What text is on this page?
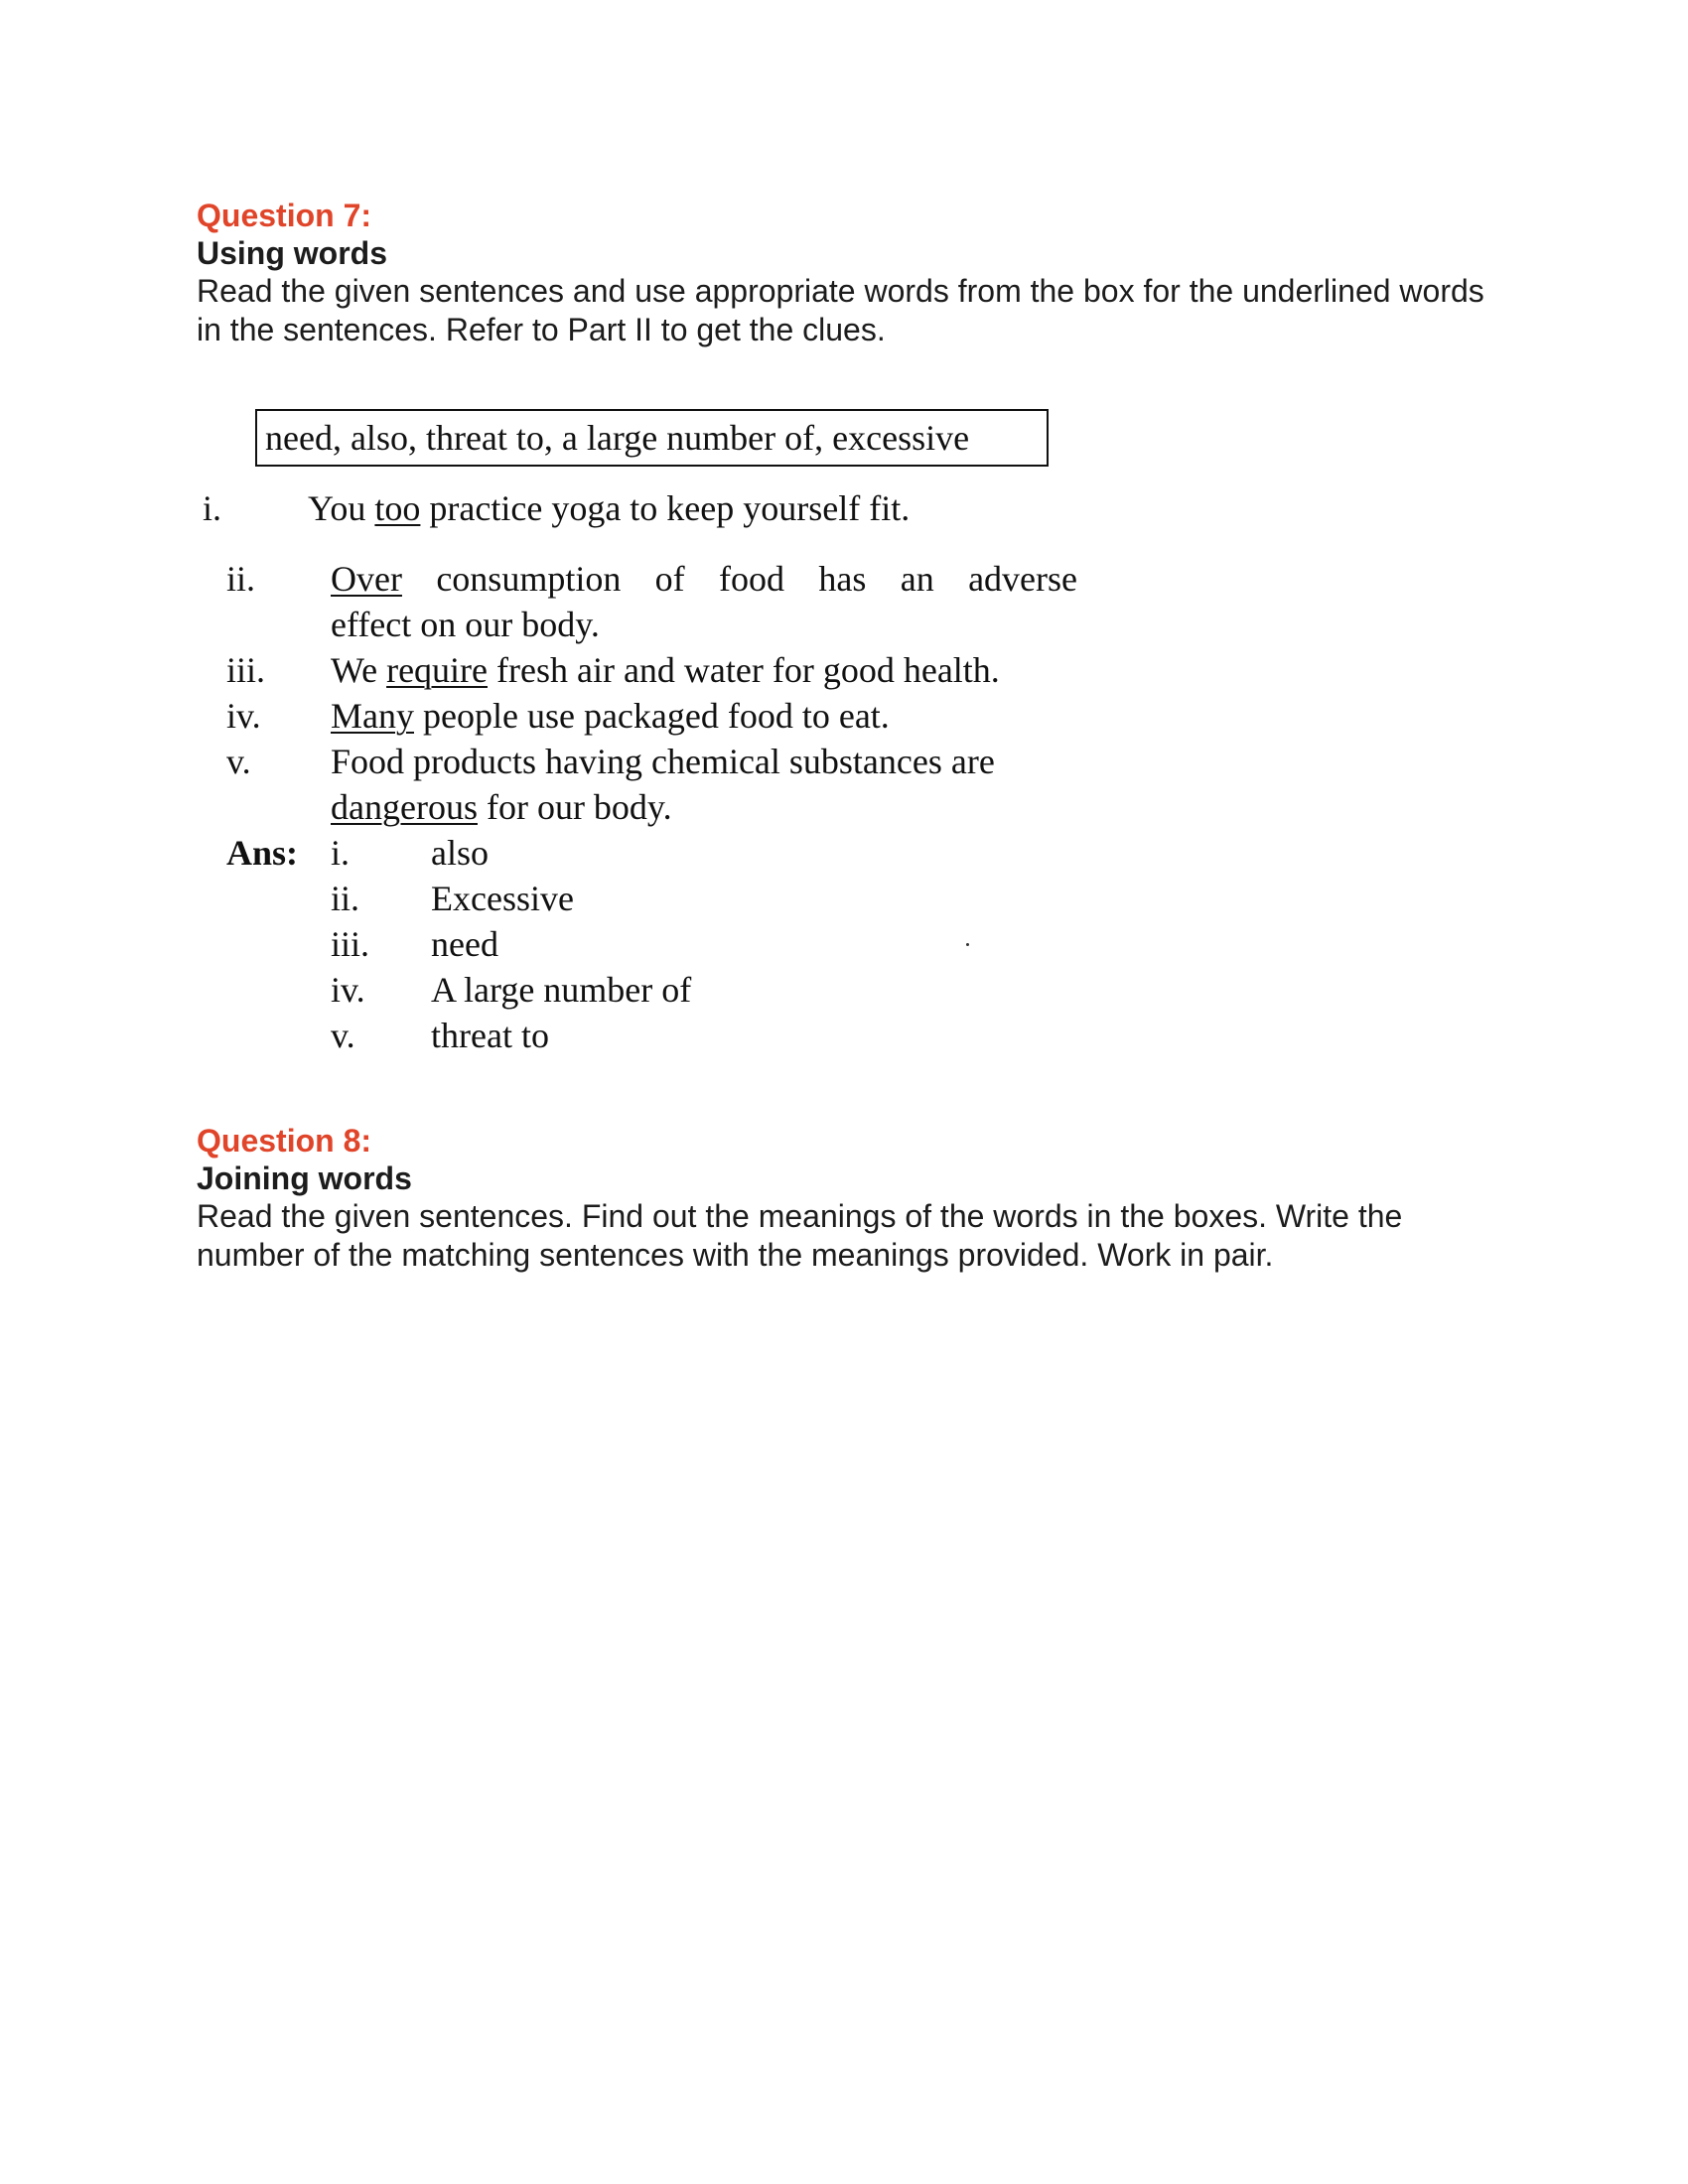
Question 7:
Using words
Read the given sentences and use appropriate words from the box for the underlined words in the sentences. Refer to Part II to get the clues.
need, also, threat to, a large number of, excessive
i. You too practice yoga to keep yourself fit.
ii. Over consumption of food has an adverse
effect on our body.
iii. We require fresh air and water for good health.
iv. Many people use packaged food to eat.
v. Food products having chemical substances are
dangerous for our body.
Ans: i. also
ii. Excessive
iii. need
iv. A large number of
v. threat to
Question 8:
Joining words
Read the given sentences. Find out the meanings of the words in the boxes. Write the number of the matching sentences with the meanings provided. Work in pair.
